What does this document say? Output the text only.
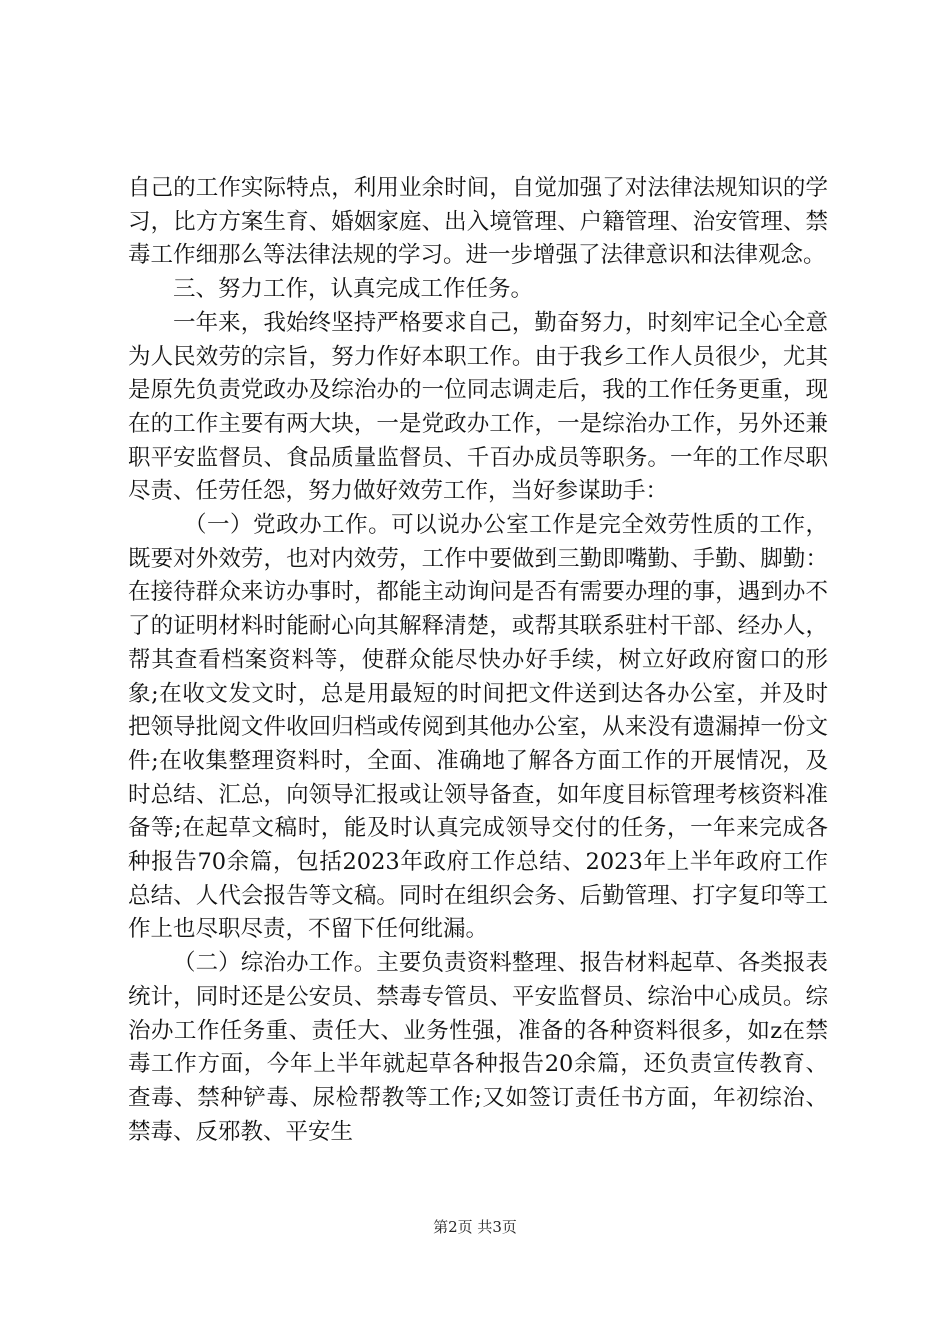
自己的工作实际特点，利用业余时间，自觉加强了对法律法规知识的学习，比方方案生育、婚姻家庭、出入境管理、户籍管理、治安管理、禁毒工作细那么等法律法规的学习。进一步增强了法律意识和法律观念。

三、努力工作，认真完成工作任务。

一年来，我始终坚持严格要求自己，勤奋努力，时刻牢记全心全意为人民效劳的宗旨，努力作好本职工作。由于我乡工作人员很少，尤其是原先负责党政办及综治办的一位同志调走后，我的工作任务更重，现在的工作主要有两大块，一是党政办工作，一是综治办工作，另外还兼职平安监督员、食品质量监督员、千百办成员等职务。一年的工作尽职尽责、任劳任怨，努力做好效劳工作，当好参谋助手：

（一）党政办工作。可以说办公室工作是完全效劳性质的工作，既要对外效劳，也对内效劳，工作中要做到三勤即嘴勤、手勤、脚勤：在接待群众来访办事时，都能主动询问是否有需要办理的事，遇到办不了的证明材料时能耐心向其解释清楚，或帮其联系驻村干部、经办人，帮其查看档案资料等，使群众能尽快办好手续，树立好政府窗口的形象;在收文发文时，总是用最短的时间把文件送到达各办公室，并及时把领导批阅文件收回归档或传阅到其他办公室，从来没有遗漏掉一份文件;在收集整理资料时，全面、准确地了解各方面工作的开展情况，及时总结、汇总，向领导汇报或让领导备查，如年度目标管理考核资料准备等;在起草文稿时，能及时认真完成领导交付的任务，一年来完成各种报告70余篇，包括2023年政府工作总结、2023年上半年政府工作总结、人代会报告等文稿。同时在组织会务、后勤管理、打字复印等工作上也尽职尽责，不留下任何纰漏。

（二）综治办工作。主要负责资料整理、报告材料起草、各类报表统计，同时还是公安员、禁毒专管员、平安监督员、综治中心成员。综治办工作任务重、责任大、业务性强，准备的各种资料很多，如z在禁毒工作方面，今年上半年就起草各种报告20余篇，还负责宣传教育、查毒、禁种铲毒、尿检帮教等工作;又如签订责任书方面，年初综治、禁毒、反邪教、平安生

第2页 共3页
